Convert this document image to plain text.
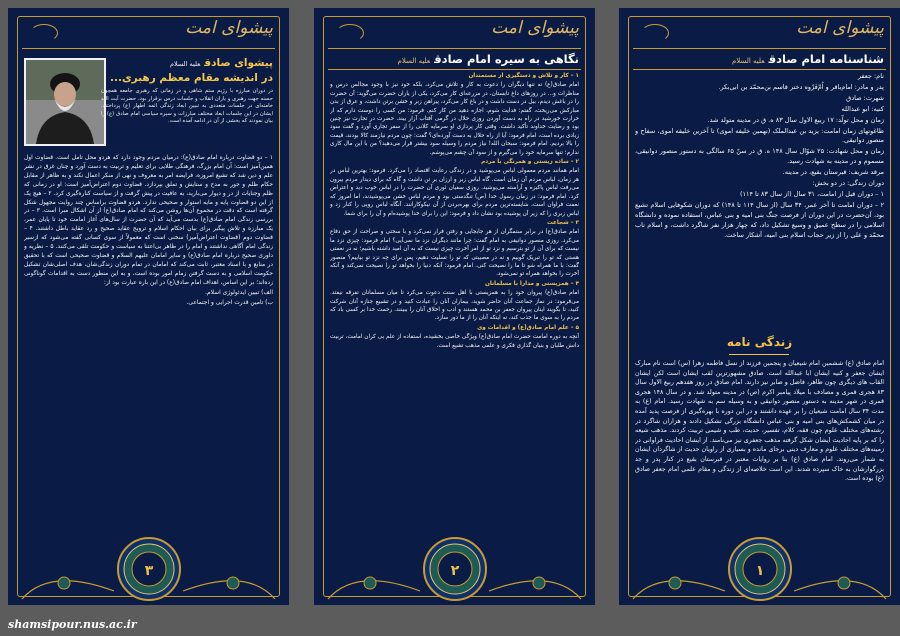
پیشوای امت
شناسنامه امام صادقعلیه السلام
نام: جعفر
پدر و مادر: امام‌باقر و اُمّ‌فَرْوه دختر قاسم بن‌محمّد بن ابی‌بکر.
شهرت: صادق
کنیه: ابو عبدالله
زمان و محل تولّد: ۱۷ ربیع الاول سال ۸۳ ه. ق در مدینه متولد شد.
طاغوتهای زمان امامت: یزید بن عبدالملک (نهمین خلیفه اموی) تا آخرین خلیفه اموی، سفاح و منصور دوانیقی.
زمان و محل شهادت: ۲۵ شوّال سال ۱۴۸ ه. ق در سنّ ۶۵ سالگی به دستور منصور دوانیقی، مسموم و در مدینه به شهادت رسید.
مرقد شریف: قبرستان بقیع، در مدینه.
دوران زندگی: در دو بخش:
۱ – دوران قبل از امامت، ۳۱ سال (از سال ۸۳ تا ۱۱۴)
۲ – دوران امامت تا آخر عمر، ۳۴ سال (از سال ۱۱۴ تا ۱۴۸) که دوران شکوفایی اسلام تشیع بود، آن‌حضرت در این دوران از فرصت جنگ بنی امیه و بنی عباس، استفاده نموده و دانشگاه اسلامی را در سطح عمیق و وسیع تشکیل داد، که چهار هزار نفر شاگرد داشت، و اسلام ناب محمّد و علی را از زیر حجاب اسلام بنی امیه، آشکار ساخت.
زندگی نامه
امام صادق (ع) ششمین امام شیعیان و پنجمین فرزند از نسل فاطمه زهرا (س) است نام مبارک ایشان جعفر و کنیه ایشان ابا عبدالله است. صادق مشهورترین لقب ایشان است لکن ایشان القاب های دیگری چون طاهر، فاضل و صابر نیز دارند. امام صادق در روز هفدهم ربیع الاول سال ۸۳ هجری قمری و مصادف با میلاد پیامبر اکرم (ص) در مدینه متولد شد. و در سال ۱۴۸ هجری قمری در شهر مدینه به دستور منصور دوانیقی و به وسیله سم به شهادت رسید. امام (ع) به مدت ۳۴ سال امامت شیعیان را بر عهده داشتند و در این دوره با بهره‌گیری از فرصت پدید آمده در میان کشمکش‌های بنی امیه و بنی عباس دانشگاه بزرگی تشکیل دادند و هزاران شاگرد در رشته‌های مختلف علوم چون فقه، کلام، تفسیر، حدیث، طب و شیمی تربیت کردند. مذهب شیعه را که بر پایه احادیث ایشان شکل گرفته مذهب جعفری نیز می‌نامند. از ایشان احادیث فراوانی در زمینه‌های مختلف علوم و معارف دینی برجای مانده و بسیاری از راویان حدیث از شاگردان ایشان به شمار می‌روند. امام صادق (ع) بنا بر روایات معتبر در قبرستان بقیع در کنار پدر و جد بزرگوارشان به خاک سپرده شدند. این است خلاصه‌ای از زندگی و مقام علمی امام جعفر صادق (ع) بوده است.
۱
پیشوای امت
نگاهی به سیره امام صادقعلیه السلام

۱ – کار و تلاش و دستگیری از مستمندان

امام صادق(ع) نه تنها دیگران را دعوت به کار و تلاش می‌کرد، بلکه خود نیز با وجود مجالس درس و مناظرات و... در روزهای داغ تابستان، در مزرعه‌ای کار می‌کرد، یکی از یاران حضرت می‌گوید: آن حضرت را در باغش دیدم، بیل در دست داشت و در باغ کار می‌کرد، پیراهن زبر و خشن برتن داشت، و عرق از بدن مبارکش می‌ریخت، گفتم: فدایت شوم، اجازه دهید من کار کنم. فرمود: من کسی را دوست دارم که از حرارت خورشید در راه به دست آوردن روزی حلال در گرمی آفتاب آزار بیند. حضرت در تجارت نیز چنین بود و رضایت خداوند تأکید داشت. وقتی کار پردازی او سرمایه کلانی را از سفر تجاری آورد و گفت سود زیادی برده است، امام فرمود: آیا از راه حلال به دست آورده‌ای؟ گفت: چون مردم نیازمند کالا بودند، قیمت را بالا بردیم. امام فرمود: سبحان الله! نیاز مردم را وسیله سود بیشتر قرار می‌دهید؟ من با این مال کاری ندارم؛ تنها سرمایه خود را می‌گیرم و از سود آن چشم می‌پوشم.

۲ – ساده زیستی و همرنگی با مردم

امام همانند مردم معمولی لباس می‌پوشید و در زندگی رعایت اقتصاد را می‌کرد. فرمود: بهترین لباس در هر زمان، لباس مردم آن زمان است. گاه لباس زبر و ارزان بر تن داشت و گاه که برای دیدار مردم بیرون می‌رفت لباس پاکیزه و آراسته می‌پوشید. روزی سفیان ثوری آن حضرت را در لباس خوب دید و اعتراض کرد. امام فرمود: در زمان رسول خدا (ص) تنگدستی بود و مردم لباس خشن می‌پوشیدند، اما امروز که نعمت فراوان است، شایسته‌ترین مردم برای بهره‌بردن از آن نیکوکارانند. آنگاه لباس رویی را کنار زد و لباس زبری را که زیر آن پوشیده بود نشان داد و فرمود: این را برای خدا پوشیده‌ام و آن را برای شما.

۳ – شجاعت

امام صادق(ع) در برابر ستمگران از هر جابجایی و رفتن فرار نمی‌کرد و با سختی و صراحت از حق دفاع می‌کرد. روزی منصور دوانیقی به امام گفت: چرا مانند دیگران نزد ما نمی‌آیی؟ امام فرمود: چیزی نزد ما نیست که برای آن از تو بترسیم و نزد تو از امر آخرت چیزی نیست که به آن امید داشته باشیم؛ نه در نعمتی هستی که تو را تبریک گوییم و نه در مصیبتی که تو را تسلیت دهیم، پس برای چه نزد تو بیاییم؟ منصور گفت: با ما همراه شو تا ما را نصیحت کنی. امام فرمود: آنکه دنیا را بخواهد تو را نصیحت نمی‌کند و آنکه آخرت را بخواهد همراه تو نمی‌شود.

۴ – همزیستی و مدارا با مسلمانان

امام صادق(ع) پیروان خود را به همزیستی با اهل سنت دعوت می‌کرد تا میان مسلمانان تفرقه نیفتد. می‌فرمود: در نماز جماعت آنان حاضر شوید، بیماران آنان را عیادت کنید و در تشییع جنازه آنان شرکت کنید، تا بگویند اینان پیروان جعفر بن محمد هستند و ادب و اخلاق آنان را ببینند. رحمت خدا بر کسی باد که مردم را به سوی ما جذب کند، نه اینکه آنان را از ما دور سازد.

۵ – علم امام صادق(ع) و اقدامات وی

آنچه به دوره امامت حضرت امام صادق(ع) ویژگی خاصی بخشیده، استفاده از علم بی کران امامت، تربیت دانش طلبان و بنیان گذاری فکری و علمی مذهب تشیع است.

۲
پیشوای امت
پیشوای صادقعلیه السلام
در اندیشه مقام معظم رهبری...
در دوران مبارزه با رژیم ستم شاهی و در زمانی که رهبری جامعه همچون حسنه جهت رهبری و یاران انقلاب و جلسات درس برقرار بود، حضرت آیت الله خامنه‌ای در جلسات متعددی به تبیین ابعاد زندگی ائمه اطهار (ع) پرداختند. ایشان در این جلسات ابعاد مختلف مبارزات و سیره سیاسی امام صادق (ع) را بیان نمودند که بخشی از آن در ادامه آمده است.

۱ – دو قضاوت درباره امام صادق(ع): درمیان مردم وجود دارد که هردو محل تامل است. قضاوت اول همین‌آمیز است: آن امام بزرگ، فرهنگی طلایی برای تعلیم و تربیت به دست آورد و چنان غرق در نشر علم و دین شد که تشیع امروزه، فرایضه امر به معروف و نهی از منکر اعمال نکند و به ظاهر از مقابل حکام ظلم و جور به مدح و ستایش و تملق بپردازد. قضاوت دوم اعتراض‌آمیز است: او در زمانی که ظلم وجنایات از در و دیوار می‌بارید، به عافیت در پیش گرفت و از سیاست کناره‌گیری کرد. ۲ – هیچ یک از این دو قضاوت پایه و مایه استوار و صحیحی ندارد. هردو قضاوت براساس چند روایت مجهول شکل گرفته است که دقت در مجموع آن‌ها روشن می‌کند که امام صادق(ع) از آن اشکال مبرا است. ۳ – در بررسی زندگی امام صادق(ع) بدست می‌آید که آن حضرت از سال‌های آغاز امامت خود تا پایان عمر، یک مبارزه و تلاش پیگیر برای بیان احکام اسلام و ترویج عقاید صحیح و رد عقاید باطل داشتند. ۴ – قضاوت دوم (قضاوت اعتراض‌آمیز) سخنی است که معمولاً از سوی کسانی گفته می‌شود که ازسیر زندگی امام آگاهی نداشتند و امام را در ظاهر بی‌اعتنا به سیاست و حکومت تلقی می‌کنند. ۵ – نظریه و داوری صحیح درباره امام صادق(ع) و سایر امامان علیهم السلام و قضاوت صحیحی است که با تحقیق در منابع و با اسناد معتبر، ثابت می‌کند که امامان در تمام دوران زندگی‌شان، هدف اصلی‌شان تشکیل حکومت اسلامی و به دست گرفتن زمام امور بوده است، و به این منظور دست به اقدامات گوناگونی زده‌اند؛ بر این اساس، اهداف امام صادق(ع) در این باره عبارت بود از:

الف) تبیین ایدئولوژی اسلام.

ب) تامین قدرت اجرایی و اجتماعی.

۳
shamsipour.nus.ac.ir
